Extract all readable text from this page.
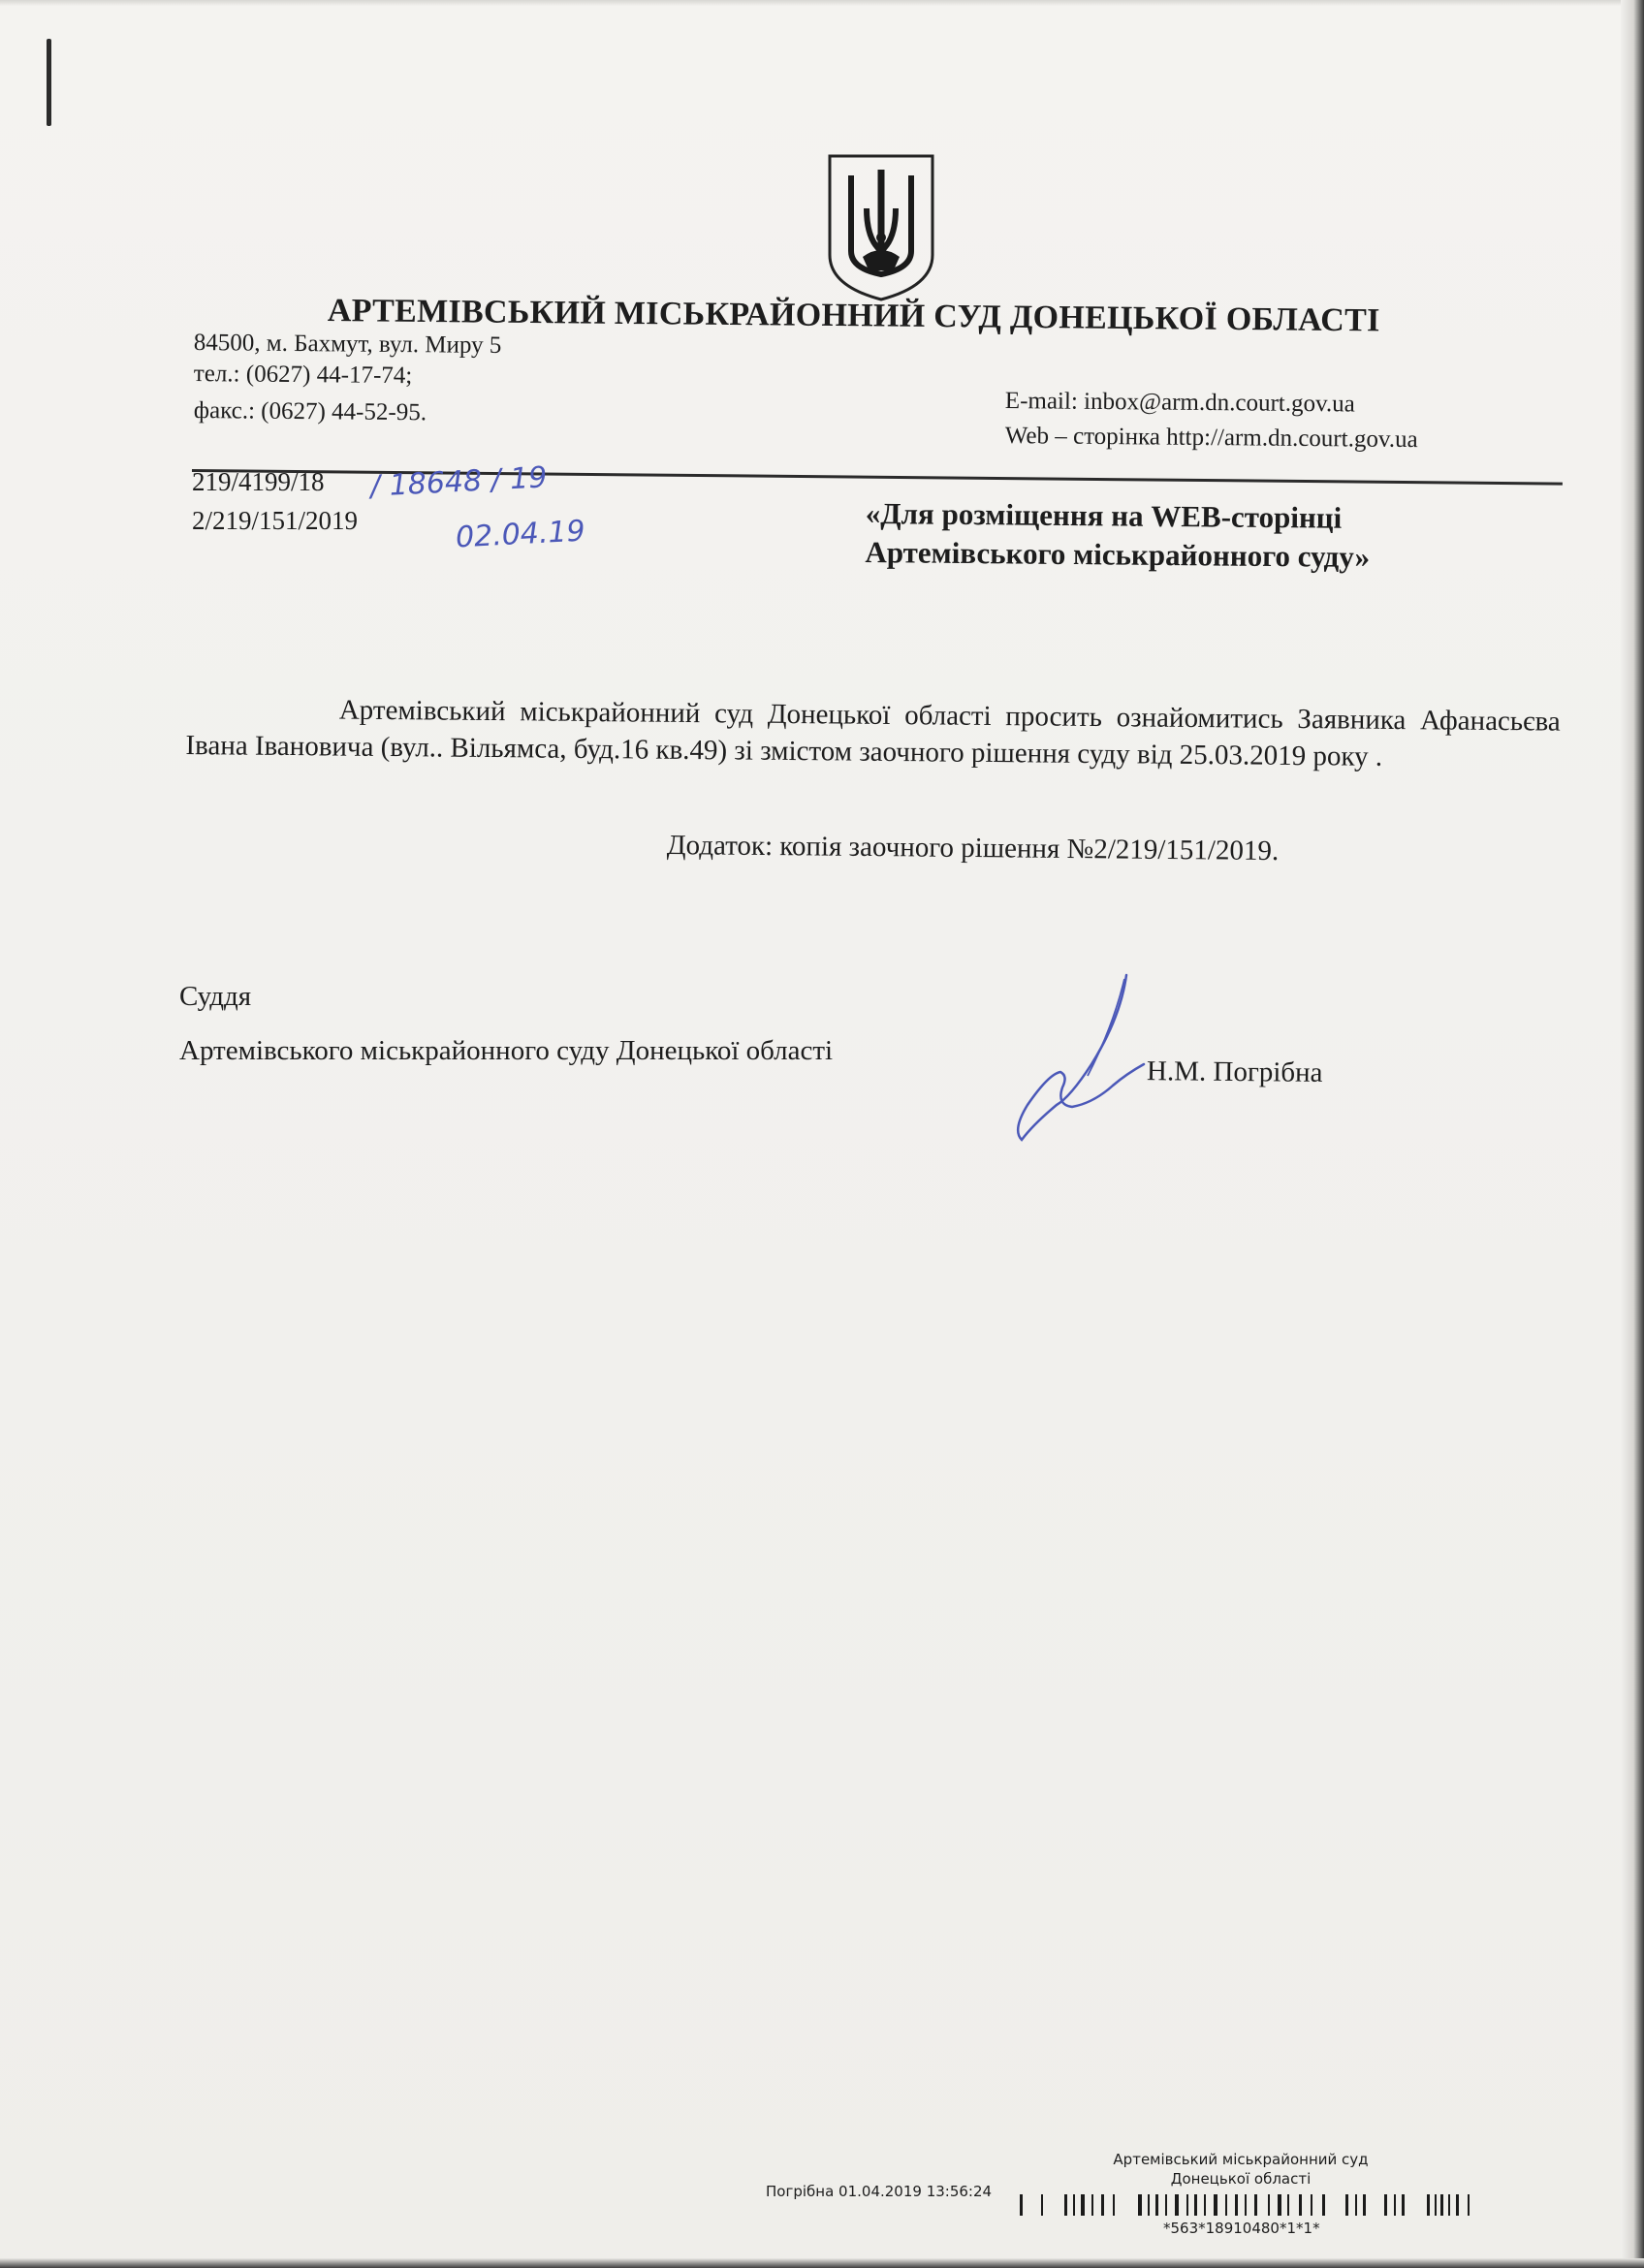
АРТЕМІВСЬКИЙ МІСЬКРАЙОННИЙ СУД ДОНЕЦЬКОЇ ОБЛАСТІ
84500, м. Бахмут, вул. Миру 5
тел.: (0627) 44-17-74;
факс.: (0627) 44-52-95.	E-mail: inbox@arm.dn.court.gov.ua
Web – сторінка http://arm.dn.court.gov.ua
219/4199/18
2/219/151/2019
/ 18648 / 19
02.04.19	«Для розміщення на WEB-сторінці
Артемівського міськрайонного суду»
Артемівський міськрайонний суд Донецької області просить ознайомитись Заявника Афанасьєва Івана Івановича (вул.. Вільямса, буд.16 кв.49) зі змістом заочного рішення суду від 25.03.2019 року .
Додаток: копія заочного рішення №2/219/151/2019.
Суддя
Артемівського міськрайонного суду Донецької області
Н.М. Погрібна
Артемівський міськрайонний суд
Донецької області
Погрібна 01.04.2019 13:56:24
*563*18910480*1*1*
